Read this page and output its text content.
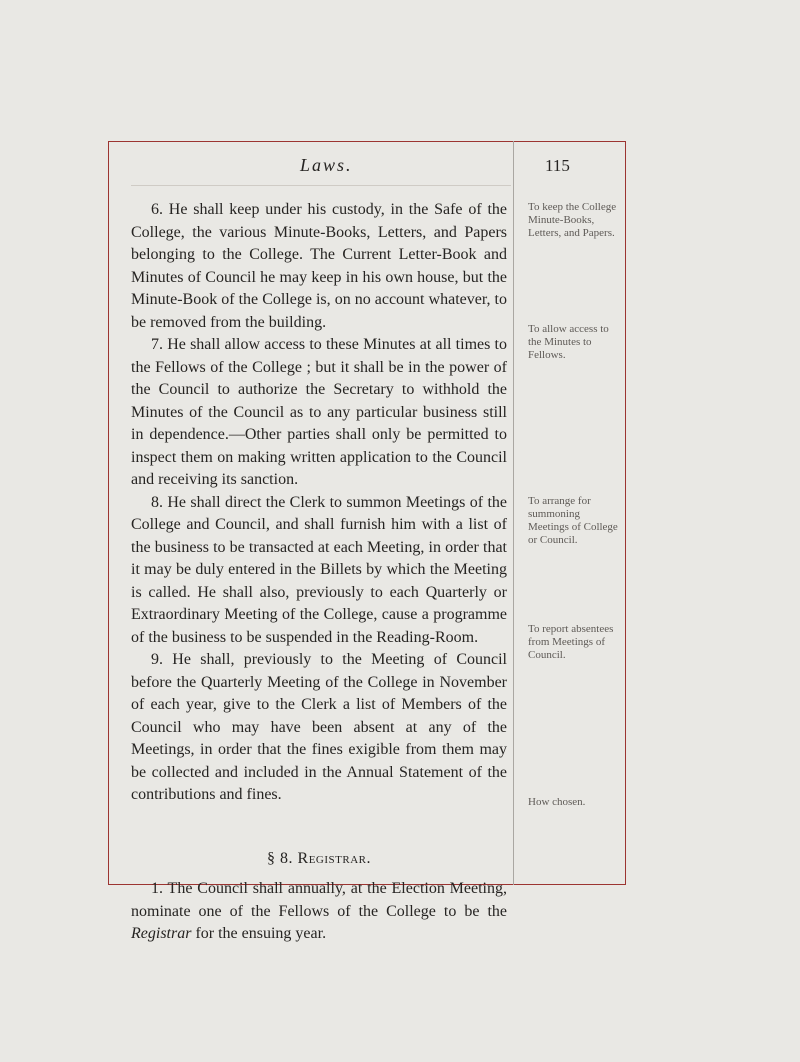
Laws.	115

6. He shall keep under his custody, in the Safe of the College, the various Minute-Books, Letters, and Papers belonging to the College. The Current Letter-Book and Minutes of Council he may keep in his own house, but the Minute-Book of the College is, on no account whatever, to be removed from the building.

7. He shall allow access to these Minutes at all times to the Fellows of the College ; but it shall be in the power of the Council to authorize the Secretary to withhold the Minutes of the Council as to any particular business still in dependence.—Other parties shall only be permitted to inspect them on making written application to the Council and receiving its sanction.

8. He shall direct the Clerk to summon Meetings of the College and Council, and shall furnish him with a list of the business to be transacted at each Meeting, in order that it may be duly entered in the Billets by which the Meeting is called. He shall also, previously to each Quarterly or Extraordinary Meeting of the College, cause a programme of the business to be suspended in the Reading-Room.

9. He shall, previously to the Meeting of Council before the Quarterly Meeting of the College in November of each year, give to the Clerk a list of Members of the Council who may have been absent at any of the Meetings, in order that the fines exigible from them may be collected and included in the Annual Statement of the contributions and fines.

§ 8. Registrar.

1. The Council shall annually, at the Election Meeting, nominate one of the Fellows of the College to be the Registrar for the ensuing year.

To keep the College Minute-Books, Letters, and Papers.
To allow access to the Minutes to Fellows.
To arrange for summoning Meetings of College or Council.
To report absentees from Meetings of Council.
How chosen.
